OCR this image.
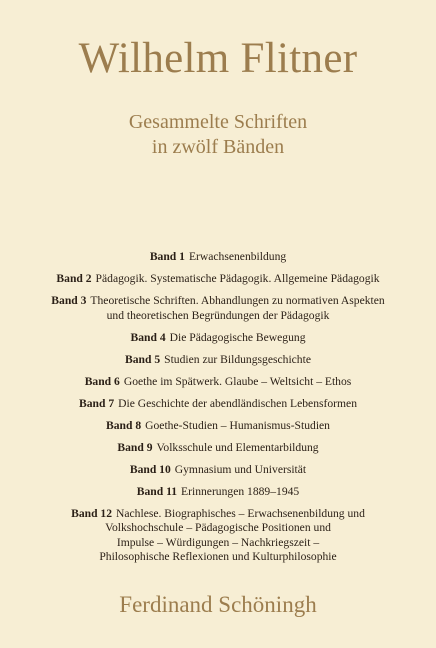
Wilhelm Flitner
Gesammelte Schriften
in zwölf Bänden
Band 1 Erwachsenenbildung
Band 2 Pädagogik. Systematische Pädagogik. Allgemeine Pädagogik
Band 3 Theoretische Schriften. Abhandlungen zu normativen Aspekten
und theoretischen Begründungen der Pädagogik
Band 4 Die Pädagogische Bewegung
Band 5 Studien zur Bildungsgeschichte
Band 6 Goethe im Spätwerk. Glaube – Weltsicht – Ethos
Band 7 Die Geschichte der abendländischen Lebensformen
Band 8 Goethe-Studien – Humanismus-Studien
Band 9 Volksschule und Elementarbildung
Band 10 Gymnasium und Universität
Band 11 Erinnerungen 1889–1945
Band 12 Nachlese. Biographisches – Erwachsenenbildung und
Volkshochschule – Pädagogische Positionen und
Impulse – Würdigungen – Nachkriegszeit –
Philosophische Reflexionen und Kulturphilosophie
Ferdinand Schöningh
